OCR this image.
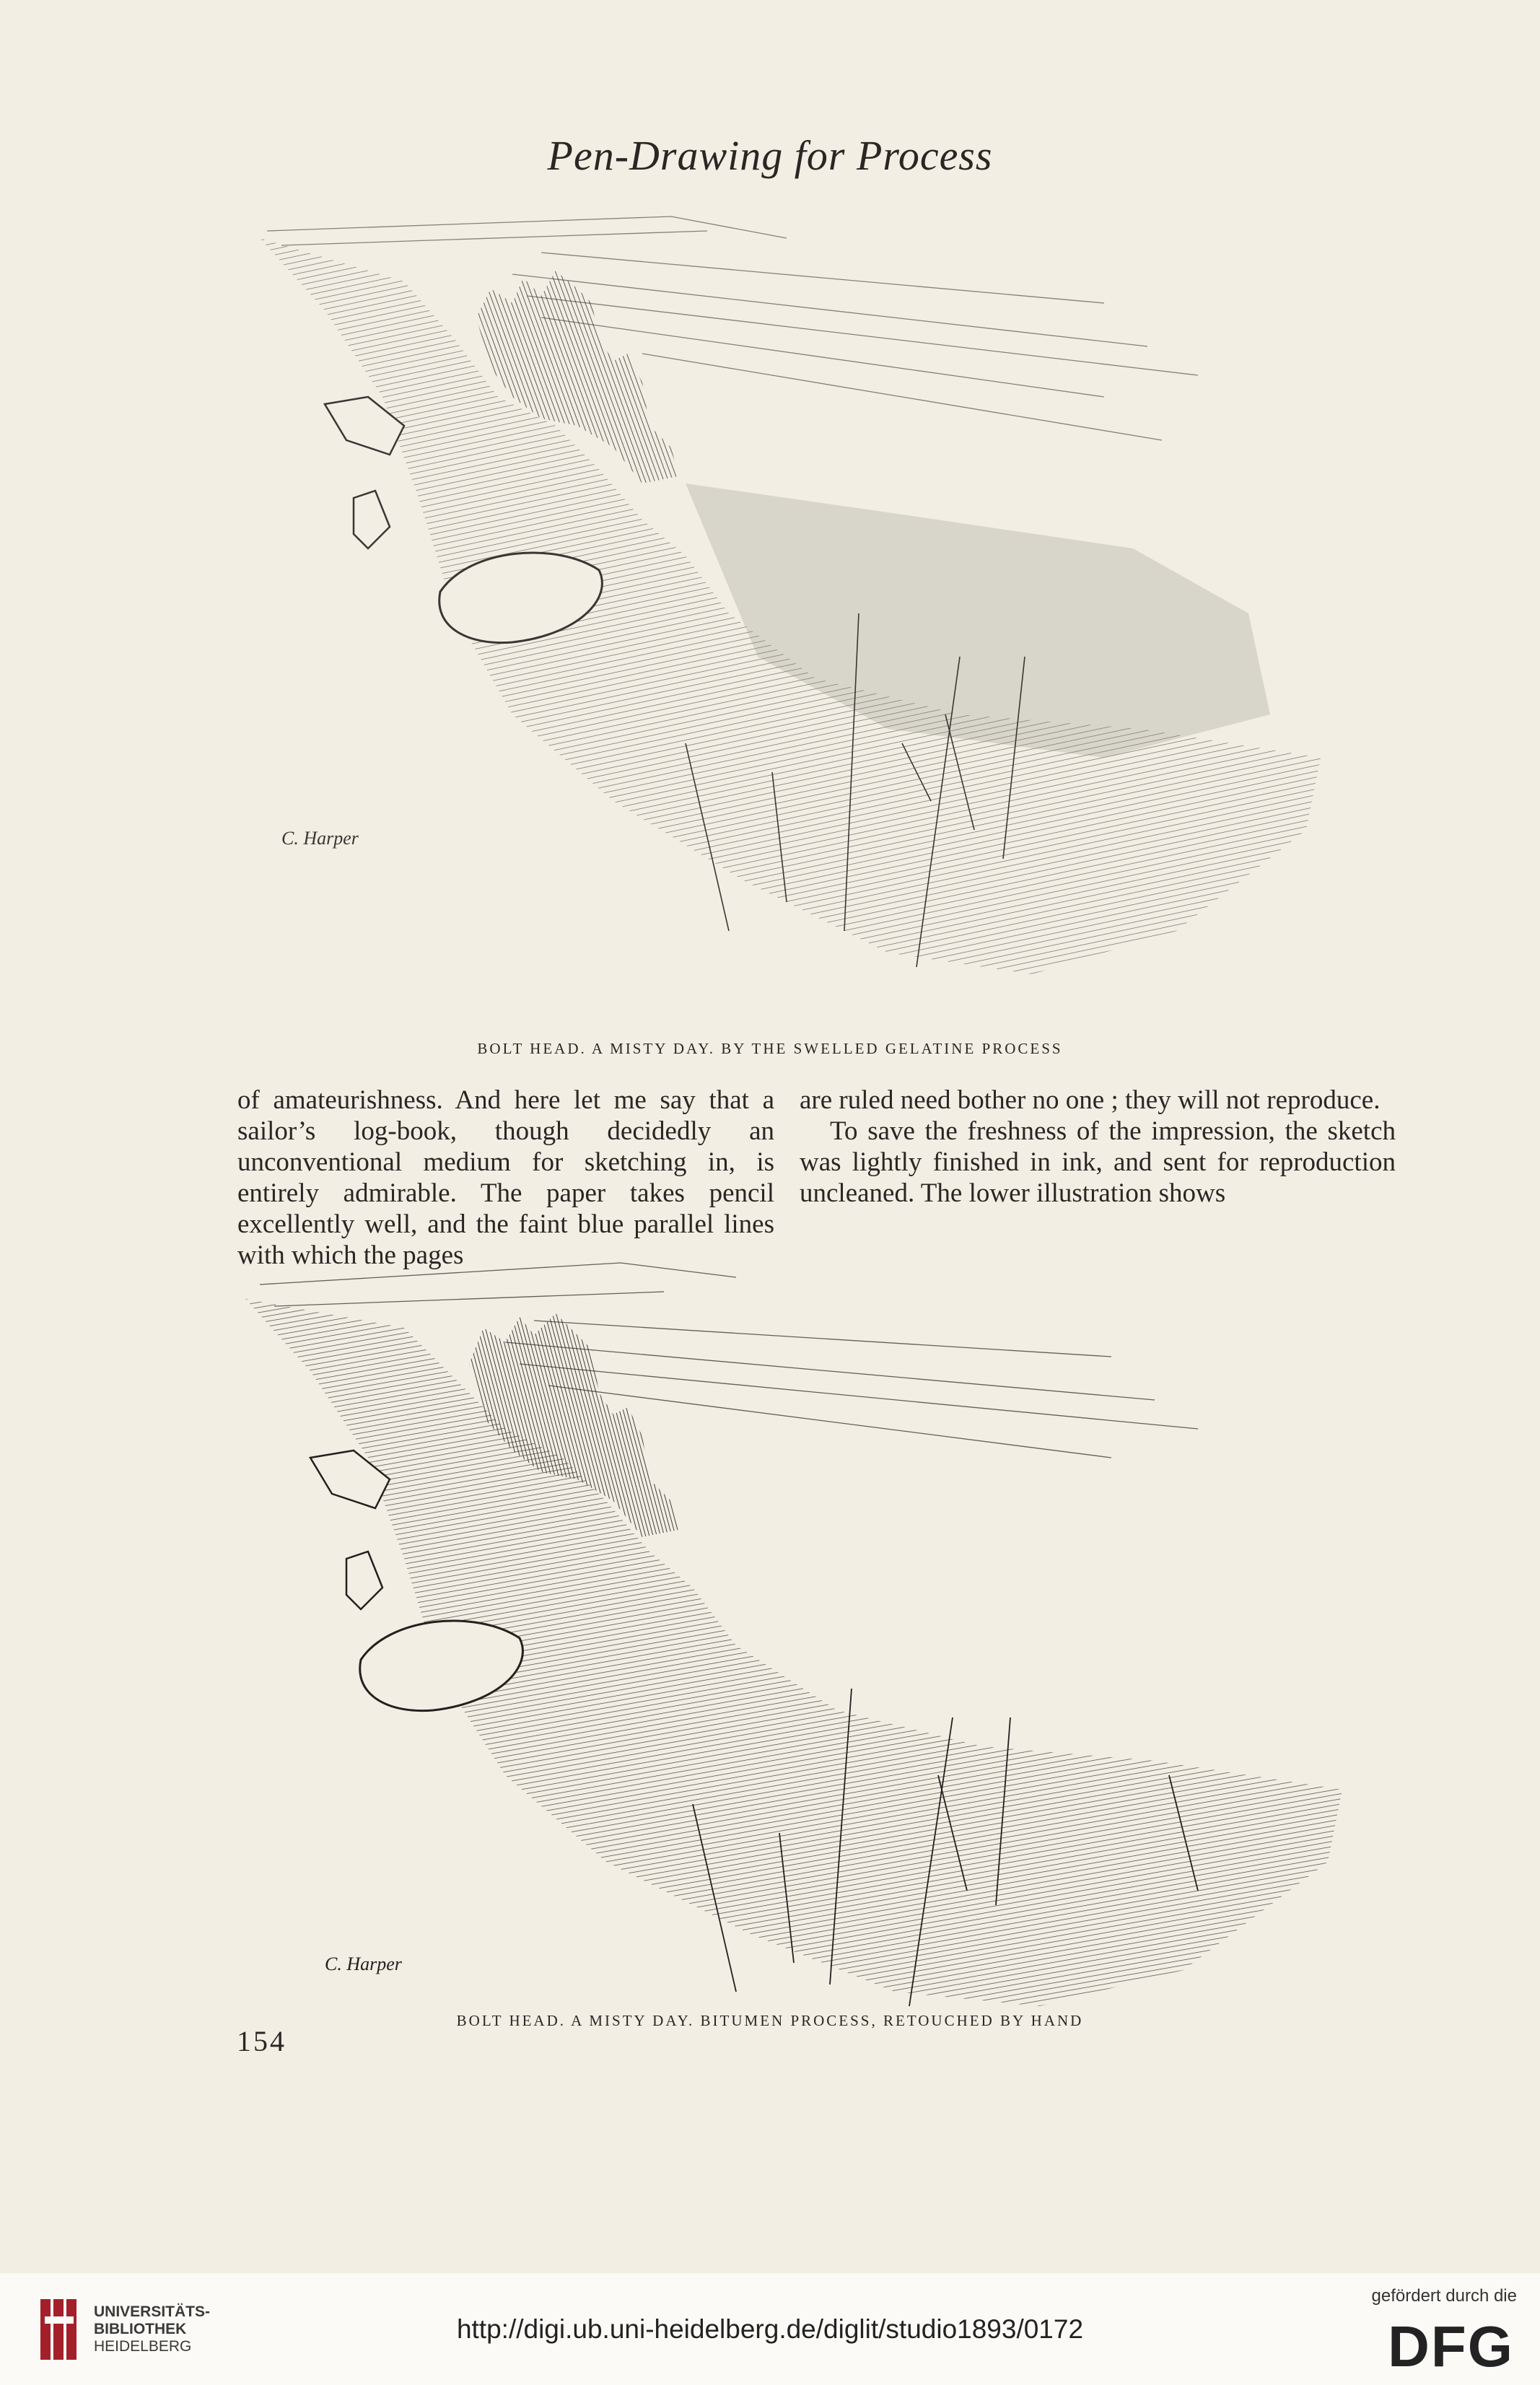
Pen-Drawing for Process
C. Harper
BOLT HEAD. A MISTY DAY. BY THE SWELLED GELATINE PROCESS

of amateurishness. And here let me say that a sailor’s log-book, though decidedly an unconventional medium for sketching in, is entirely admirable. The paper takes pencil excellently well, and the faint blue parallel lines with which the pages

are ruled need bother no one ; they will not reproduce.

To save the freshness of the impression, the sketch was lightly finished in ink, and sent for reproduction uncleaned. The lower illustration shows

C. Harper
BOLT HEAD. A MISTY DAY. BITUMEN PROCESS, RETOUCHED BY HAND
154
UNIVERSITÄTS-
BIBLIOTHEK
HEIDELBERG
http://digi.ub.uni-heidelberg.de/diglit/studio1893/0172
gefördert durch die
DFG
